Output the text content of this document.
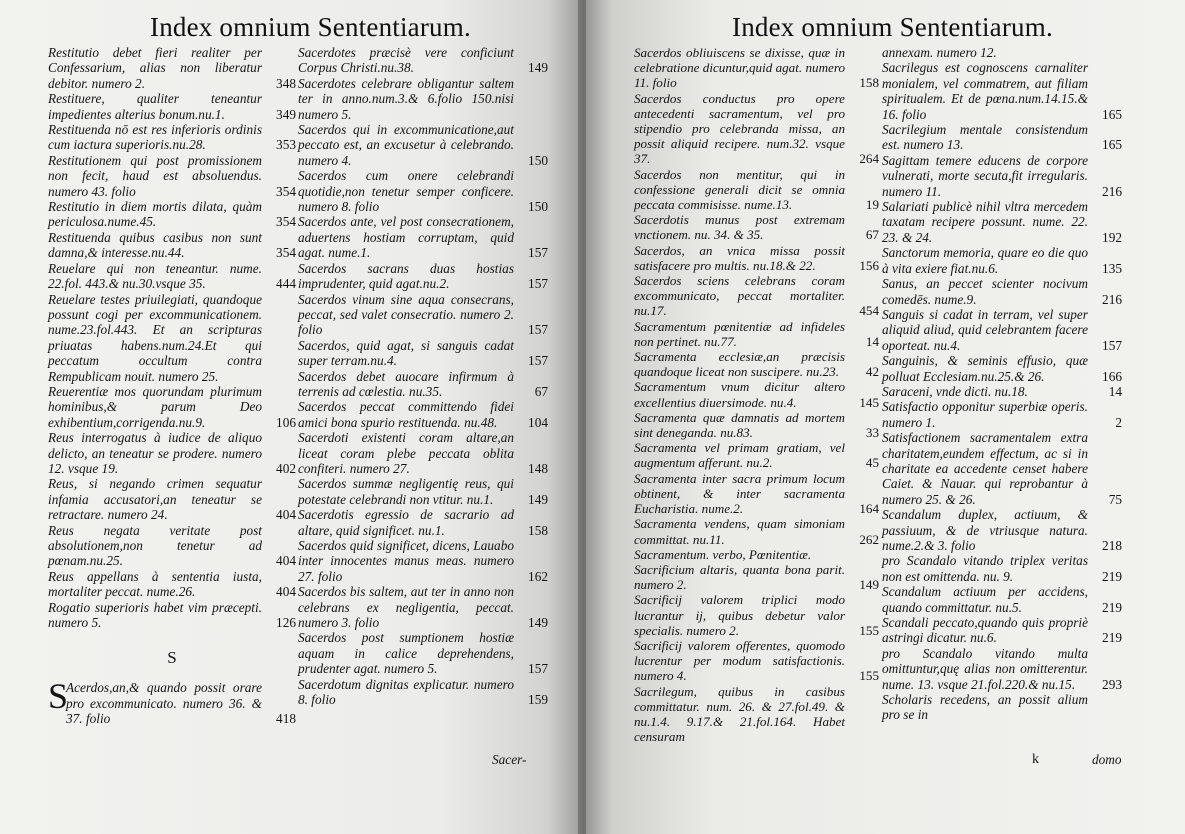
Index omnium Sententiarum.
Restitutio debet fieri realiter per Confessarium, alias non liberatur debitor. numero 2.	348
Restituere, qualiter teneantur impedientes alterius bonum.nu.1.	349
Restituenda nō est res inferioris ordinis cum iactura superioris.nu.28.	353
Restitutionem qui post promissionem non fecit, haud est absoluendus. numero 43. folio	354
Restitutio in diem mortis dilata, quàm periculosa.nume.45.	354
Restituenda quibus casibus non sunt damna,& interesse.nu.44.	354
Reuelare qui non teneantur. nume. 22.fol. 443.& nu.30.vsque 35.	444
Reuelare testes priuilegiati, quandoque possunt cogi per excommunicationem. nume.23.fol.443. Et an scripturas priuatas habens.num.24.Et qui peccatum occultum contra Rempublicam nouit. numero 25.
Reuerentiæ mos quorundam plurimum hominibus,& parum Deo exhibentium,corrigenda.nu.9.	106
Reus interrogatus à iudice de aliquo delicto, an teneatur se prodere. numero 12. vsque 19.	402
Reus, si negando crimen sequatur infamia accusatori,an teneatur se retractare. numero 24.	404
Reus negata veritate post absolutionem,non tenetur ad pœnam.nu.25.	404
Reus appellans à sententia iusta, mortaliter peccat. nume.26.	404
Rogatio superioris habet vim præcepti. numero 5.	126
S
S
Acerdos,an,& quando possit orare pro excommunicato. numero 36. & 37. folio	418
Sacerdotes præcisè vere conficiunt Corpus Christi.nu.38.	149
Sacerdotes celebrare obligantur saltem ter in anno.num.3.& 6.folio 150.nisi numero 5.
Sacerdos qui in excommunicatione,aut peccato est, an excusetur à celebrando. numero 4.	150
Sacerdos cum onere celebrandi quotidie,non tenetur semper conficere. numero 8. folio	150
Sacerdos ante, vel post consecrationem, aduertens hostiam corruptam, quid agat. nume.1.	157
Sacerdos sacrans duas hostias imprudenter, quid agat.nu.2.	157
Sacerdos vinum sine aqua consecrans, peccat, sed valet consecratio. numero 2. folio	157
Sacerdos, quid agat, si sanguis cadat super terram.nu.4.	157
Sacerdos debet auocare infirmum à terrenis ad cœlestia. nu.35.	67
Sacerdos peccat committendo fidei amici bona spurio restituenda. nu.48. 104
Sacerdoti existenti coram altare,an liceat coram plebe peccata oblita confiteri. numero 27.	148
Sacerdos summæ negligentię reus, qui potestate celebrandi non vtitur. nu.1.	149
Sacerdotis egressio de sacrario ad altare, quid significet. nu.1.	158
Sacerdos quid significet, dicens, Lauabo inter innocentes manus meas. numero 27. folio	162
Sacerdos bis saltem, aut ter in anno non celebrans ex negligentia, peccat. numero 3. folio	149
Sacerdos post sumptionem hostiæ aquam in calice deprehendens, prudenter agat. numero 5.	157
Sacerdotum dignitas explicatur. numero 8. folio	159
Sacer-
Index omnium Sententiarum.
Sacerdos obliuiscens se dixisse, quæ in celebratione dicuntur,quid agat. numero 11. folio	158
Sacerdos conductus pro opere antecedenti sacramentum, vel pro stipendio pro celebranda missa, an possit aliquid recipere. num.32. vsque 37.	264
Sacerdos non mentitur, qui in confessione generali dicit se omnia peccata commisisse. nume.13.	19
Sacerdotis munus post extremam vnctionem. nu. 34. & 35.	67
Sacerdos, an vnica missa possit satisfacere pro multis. nu.18.& 22.	156
Sacerdos sciens celebrans coram excommunicato, peccat mortaliter. nu.17.	454
Sacramentum pœnitentiæ ad infideles non pertinet. nu.77.	14
Sacramenta ecclesiæ,an præcisis quandoque liceat non suscipere. nu.23. 42
Sacramentum vnum dicitur altero excellentius diuersimode. nu.4.	145
Sacramenta quæ damnatis ad mortem sint deneganda. nu.83.	33
Sacramenta vel primam gratiam, vel augmentum afferunt. nu.2.	45
Sacramenta inter sacra primum locum obtinent, & inter sacramenta Eucharistia. nume.2.	164
Sacramenta vendens, quam simoniam committat. nu.11.	262
Sacramentum. verbo, Pœnitentiæ.
Sacrificium altaris, quanta bona parit. numero 2.	149
Sacrificij valorem triplici modo lucrantur ij, quibus debetur valor specialis. numero 2.	155
Sacrificij valorem offerentes, quomodo lucrentur per modum satisfactionis. numero 4.	155
Sacrilegum, quibus in casibus committatur. num. 26. & 27.fol.49. & nu.1.4. 9.17.& 21.fol.164. Habet censuram
annexam. numero 12.
Sacrilegus est cognoscens carnaliter monialem, vel commatrem, aut filiam spiritualem. Et de pœna.num.14.15.& 16. folio	165
Sacrilegium mentale consistendum est. numero 13.	165
Sagittam temere educens de corpore vulnerati, morte secuta,fit irregularis. numero 11.	216
Salariati publicè nihil vltra mercedem taxatam recipere possunt. nume. 22. 23. & 24.	192
Sanctorum memoria, quare eo die quo à vita exiere fiat.nu.6.	135
Sanus, an peccet scienter nocivum comedēs. nume.9.	216
Sanguis si cadat in terram, vel super aliquid aliud, quid celebrantem facere oporteat. nu.4.	157
Sanguinis, & seminis effusio, quæ polluat Ecclesiam.nu.25.& 26.	166
Saraceni, vnde dicti. nu.18.	14
Satisfactio opponitur superbiæ operis. numero 1.	2
Satisfactionem sacramentalem extra charitatem,eundem effectum, ac si in charitate ea accedente censet habere Caiet. & Nauar. qui reprobantur à numero 25. & 26.	75
Scandalum duplex, actiuum, & passiuum, & de vtriusque natura. nume.2.& 3. folio	218
pro Scandalo vitando triplex veritas non est omittenda. nu. 9.	219
Scandalum actiuum per accidens, quando committatur. nu.5.	219
Scandali peccato,quando quis propriè astringi dicatur. nu.6.	219
pro Scandalo vitando multa omittuntur,quę alias non omitterentur. nume. 13. vsque 21.fol.220.& nu.15. 293
Scholaris recedens, an possit alium pro se in
k	domo
